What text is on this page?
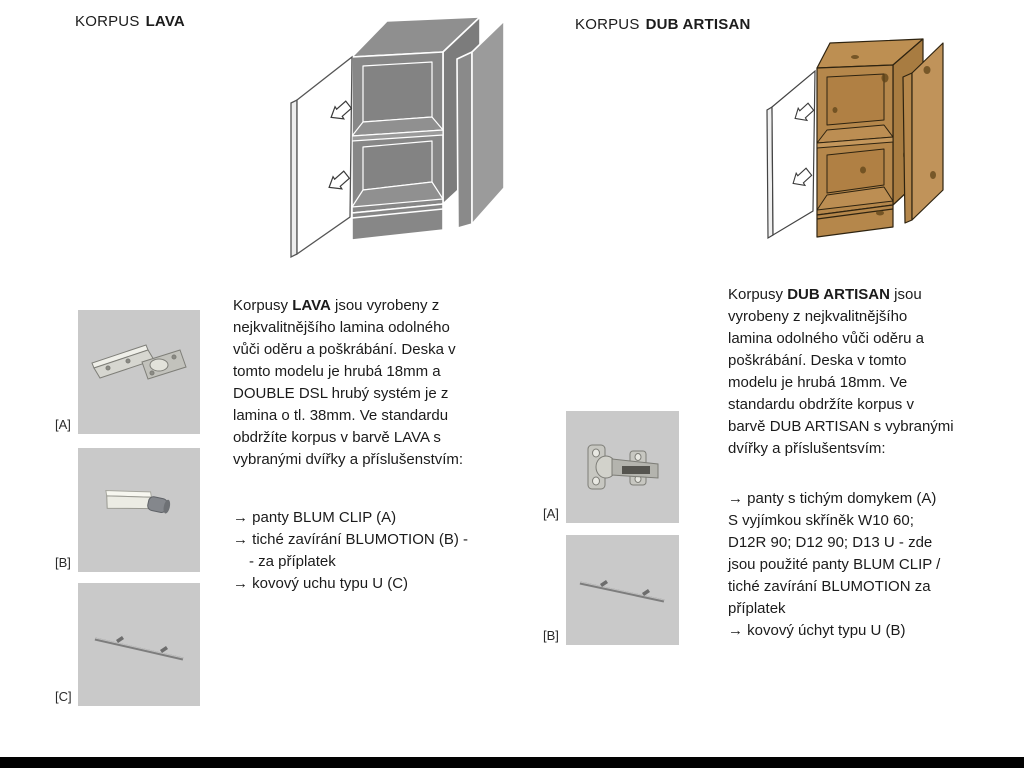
KORPUS LAVA
Korpusy LAVA jsou vyrobeny z
nejkvalitnějšího lamina odolného
vůči oděru a poškrábání. Deska v
tomto modelu je hrubá 18mm a
DOUBLE DSL hrubý systém je z
lamina o tl. 38mm. Ve standardu
obdržíte korpus v barvě LAVA s
vybranými dvířky a příslušenstvím:
→ panty BLUM CLIP (A)
→ tiché zavírání BLUMOTION (B) -
- za příplatek
→ kovový uchu typu U (C)
[A]
[B]
[C]
KORPUS DUB ARTISAN
Korpusy DUB ARTISAN jsou
vyrobeny z nejkvalitnějšího
lamina odolného vůči oděru a
poškrábání. Deska v tomto
modelu je hrubá 18mm. Ve
standardu obdržíte korpus v
barvě DUB ARTISAN s vybranými
dvířky a příslušentsvím:
→ panty s tichým domykem (A)
S vyjímkou skříněk W10 60;
D12R 90; D12 90; D13 U - zde
jsou použité panty BLUM CLIP /
tiché zavírání BLUMOTION za
příplatek
→ kovový úchyt typu U (B)
[A]
[B]
